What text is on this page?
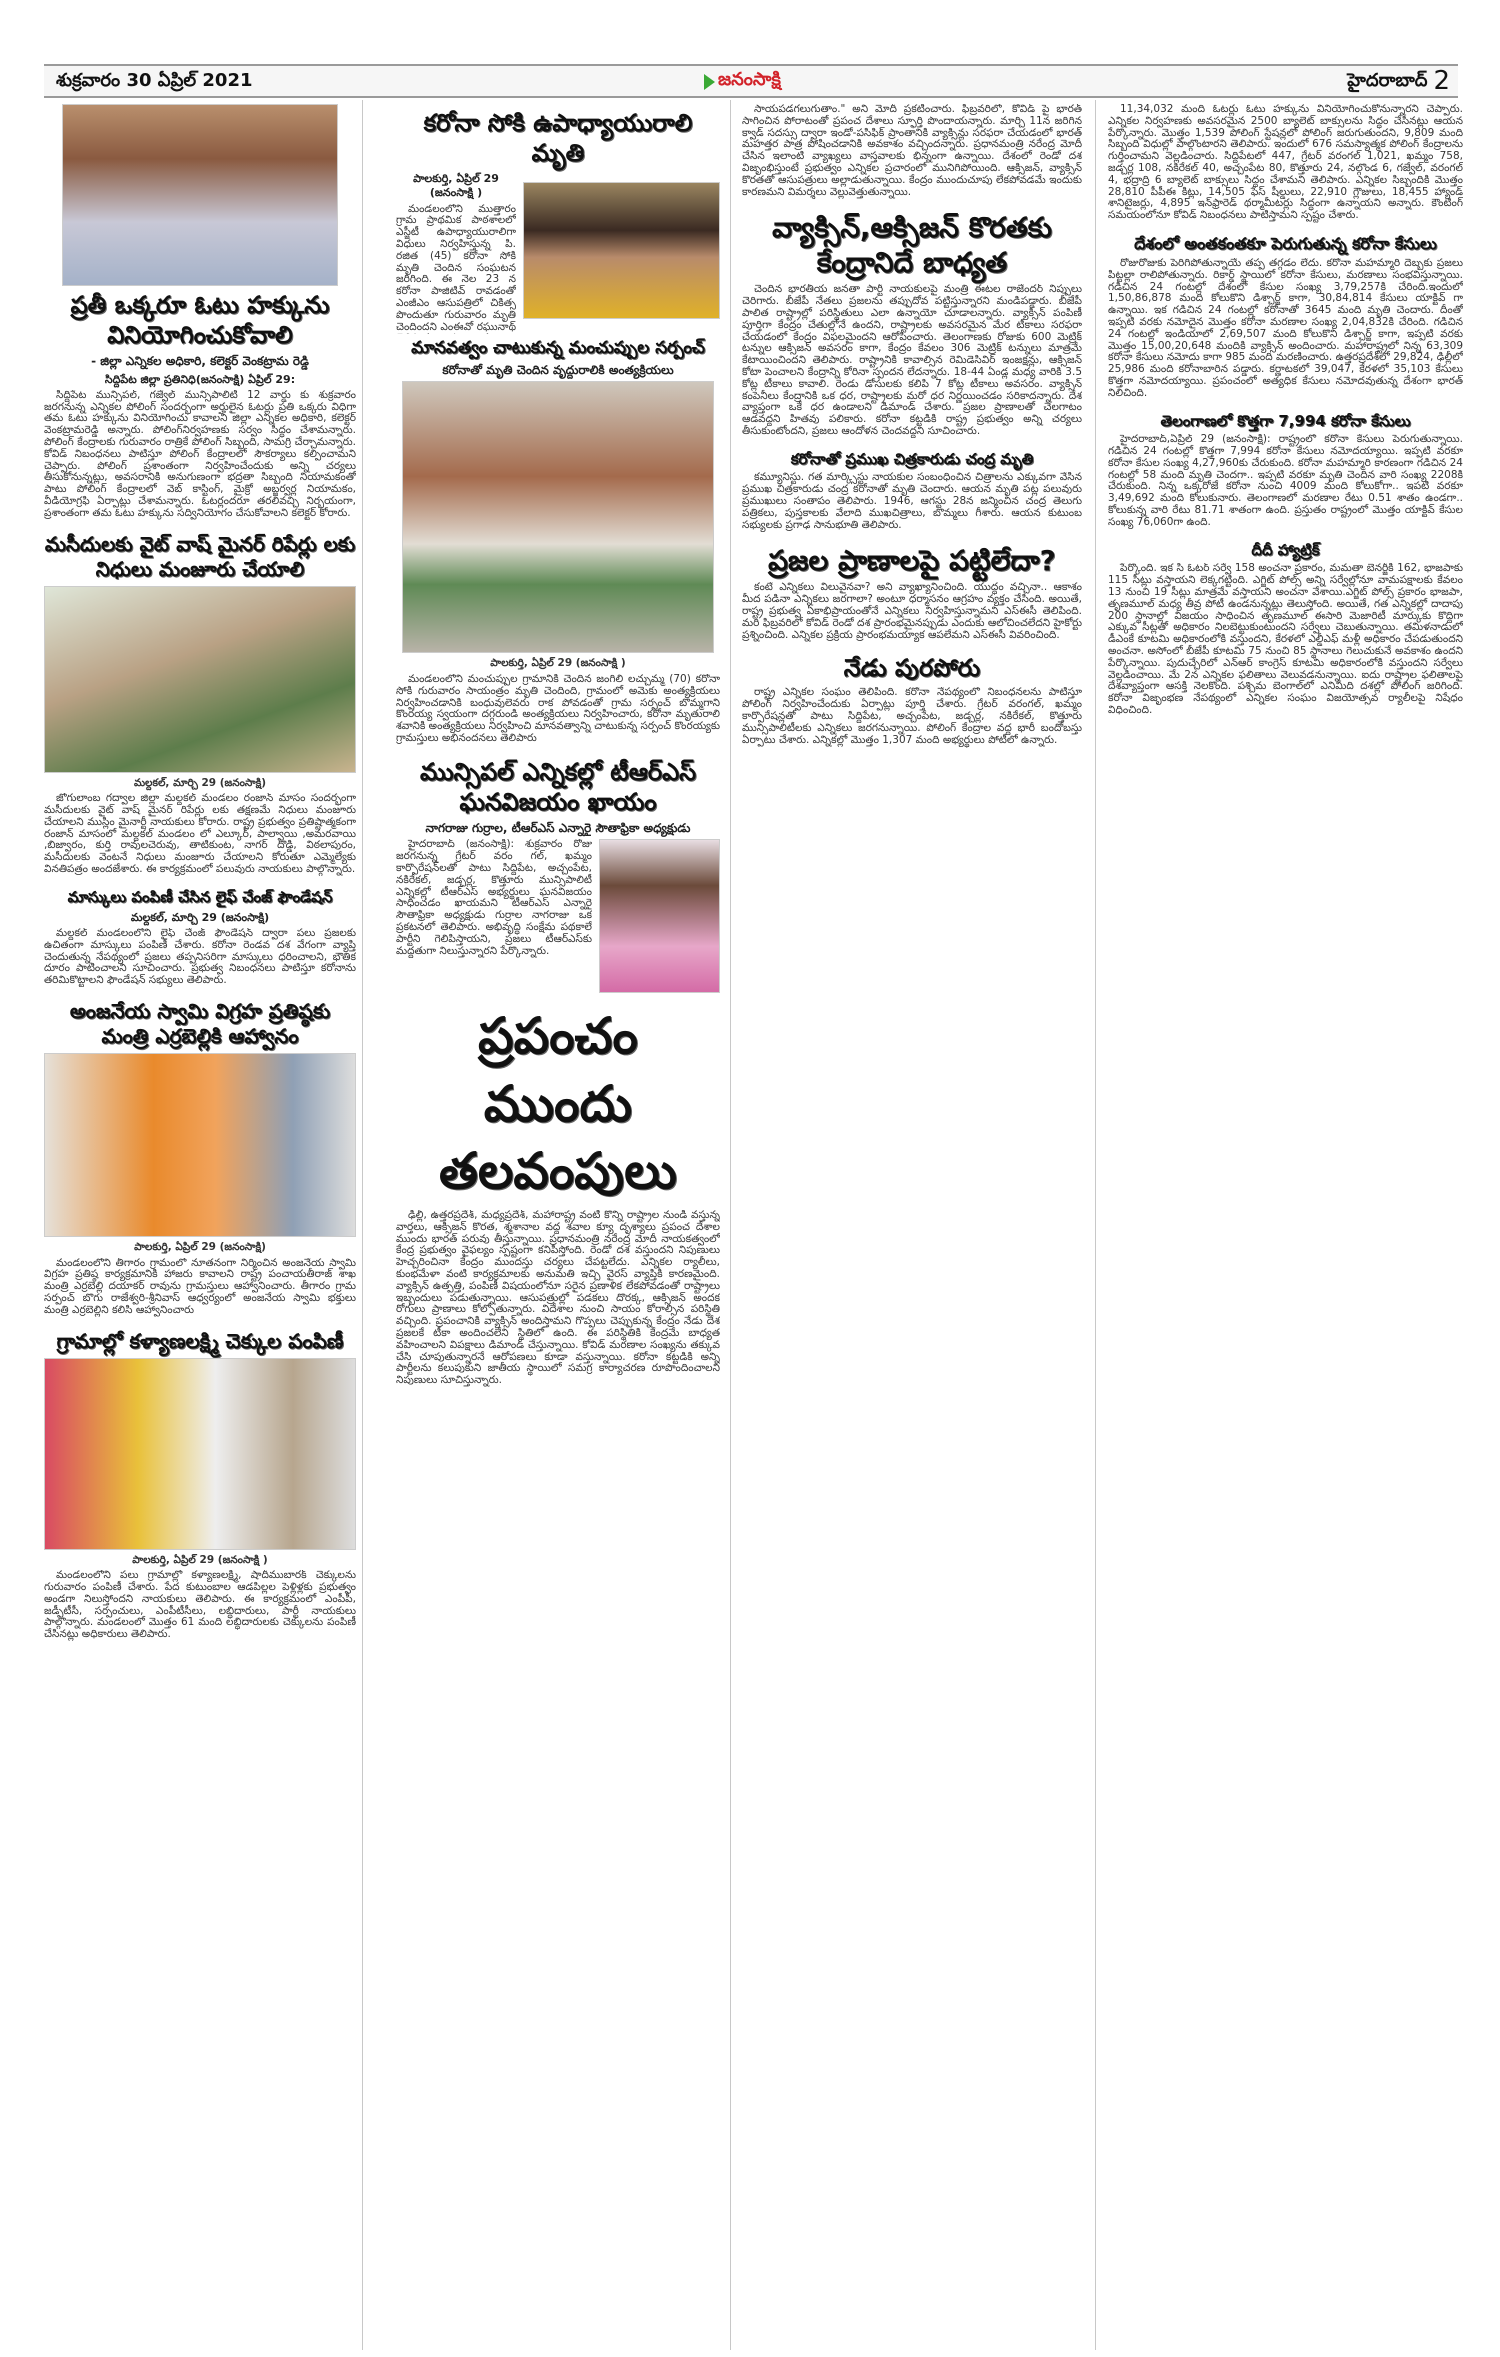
శుక్రవారం 30 ఏప్రిల్ 2021	జనంసాక్షి	హైదరాబాద్ 2
ప్రతీ ఒక్కరూ ఓటు హక్కును వినియోగించుకోవాలి
- జిల్లా ఎన్నికల అధికారి, కలెక్టర్ వెంకట్రామ రెడ్డి
సిద్దిపేట జిల్లా ప్రతినిధి(జనంసాక్షి) ఏప్రిల్ 29:

సిద్దిపేట మున్సిపల్, గజ్వేల్ మున్సిపాలిటీ 12 వార్డు కు శుక్రవారం జరగనున్న ఎన్నికల పోలింగ్ సందర్భంగా అర్హులైన ఓటర్లు ప్రతి ఒక్కరు విధిగా తమ ఓటు హక్కును వినియోగించు కావాలని జిల్లా ఎన్నికల అధికారి, కలెక్టర్ వెంకట్రామరెడ్డి అన్నారు. పోలింగ్‌నిర్వహణకు సర్వం సిద్ధం చేశామన్నారు. పోలింగ్ కేంద్రాలకు గురువారం రాత్రికే పోలింగ్ సిబ్బంది, సామగ్రి చేర్చామన్నారు. కోవిడ్ నిబంధనలు పాటిస్తూ పోలింగ్ కేంద్రాలలో సౌకర్యాలు కల్పించామని చెప్పారు. పోలింగ్ ప్రశాంతంగా నిర్వహించేందుకు అన్ని చర్యలు తీసుకోనున్నట్లు, అవసరానికి అనుగుణంగా భద్రతా సిబ్బంది నియామకంతో పాటు పోలింగ్ కేంద్రాలలో వెబ్ కాస్టింగ్, మైక్రో అబ్జర్వర్ల నియామకం, వీడియోగ్రఫి ఏర్పాట్లు చేశామన్నారు. ఓటర్లందరూ తరలివచ్చి నిర్భయంగా, ప్రశాంతంగా తమ ఓటు హక్కును సద్వినియోగం చేసుకోవాలని కలెక్టర్ కోరారు.

మసీదులకు వైట్ వాష్ మైనర్ రిపేర్లు లకు నిధులు మంజూరు చేయాలి
మల్దకల్, మార్చి 29 (జనంసాక్షి)

జోగులాంబ గద్వాల జిల్లా మల్దకల్ మండలం రంజాన్ మాసం సందర్భంగా మసీదులకు వైట్ వాష్ మైనర్ రిపేర్లు లకు తక్షణమే నిధులు మంజూరు చేయాలని ముస్లిం మైనార్టీ నాయకులు కోరారు. రాష్ట్ర ప్రభుత్వం ప్రతిష్టాత్మకంగా రంజాన్ మాసంలో మల్దకల్ మండలం లో ఎల్కూర్, పాల్వాయి ,అమరవాయి ,బిజ్వారం, కుర్తి రావులచెరువు, తాటికుంట, నాగర్ దొడ్డి, విఠలాపురం, మసీదులకు వెంటనే నిధులు మంజూరు చేయాలని కోరుతూ ఎమ్మెల్యేకు వినతిపత్రం అందజేశారు. ఈ కార్యక్రమంలో పలువురు నాయకులు పాల్గొన్నారు.

మాస్కులు పంపిణీ చేసిన లైఫ్ చేంజ్ ఫౌండేషన్
మల్దకల్, మార్చి 29 (జనంసాక్షి)

మల్దకల్ మండలంలోని లైఫ్ చేంజ్ ఫౌండేషన్ ద్వారా పలు ప్రజలకు ఉచితంగా మాస్కులు పంపిణీ చేశారు. కరోనా రెండవ దశ వేగంగా వ్యాప్తి చెందుతున్న నేపథ్యంలో ప్రజలు తప్పనిసరిగా మాస్కులు ధరించాలని, భౌతిక దూరం పాటించాలని సూచించారు. ప్రభుత్వ నిబంధనలు పాటిస్తూ కరోనాను తరిమికొట్టాలని ఫౌండేషన్ సభ్యులు తెలిపారు.

అంజనేయ స్వామి విగ్రహ ప్రతిష్ఠకు మంత్రి ఎర్రబెల్లికి ఆహ్వానం
పాలకుర్తి, ఏప్రిల్ 29 (జనంసాక్షి)

మండలంలోని తీగారం గ్రామంలో నూతనంగా నిర్మించిన అంజనేయ స్వామి విగ్రహ ప్రతిష్ఠ కార్యక్రమానికి హాజరు కావాలని రాష్ట్ర పంచాయతీరాజ్ శాఖ మంత్రి ఎర్రబెల్లి దయాకర్ రావును గ్రామస్తులు ఆహ్వానించారు. తీగారం గ్రామ సర్పంచ్ బొగు రాజేశ్వరి-శ్రీనివాస్ ఆధ్వర్యంలో అంజనేయ స్వామి భక్తులు మంత్రి ఎర్రబెల్లిని కలిసి ఆహ్వానించారు

గ్రామాల్లో కళ్యాణలక్ష్మి చెక్కుల పంపిణీ
పాలకుర్తి, ఏప్రిల్ 29 (జనంసాక్షి )

మండలంలోని పలు గ్రామాల్లో కళ్యాణలక్ష్మి, షాదీముబారక్ చెక్కులను గురువారం పంపిణీ చేశారు. పేద కుటుంబాల ఆడపిల్లల పెళ్లిళ్లకు ప్రభుత్వం అండగా నిలుస్తోందని నాయకులు తెలిపారు. ఈ కార్యక్రమంలో ఎంపీపీ, జడ్పీటీసీ, సర్పంచులు, ఎంపీటీసీలు, లబ్ధిదారులు, పార్టీ నాయకులు పాల్గొన్నారు. మండలంలో మొత్తం 61 మంది లబ్ధిదారులకు చెక్కులను పంపిణీ చేసినట్లు అధికారులు తెలిపారు.

కరోనా సోకి ఉపాధ్యాయురాలి మృతి
పాలకుర్తి, ఏప్రిల్ 29 (జనంసాక్షి )

మండలంలోని ముత్తారం గ్రామ ప్రాథమిక పాఠశాలలో ఎస్జీటీ ఉపాధ్యాయురాలిగా విధులు నిర్వహిస్తున్న పి. రజిత (45) కరోనా సోకి మృతి చెందిన సంఘటన జరిగింది. ఈ నెల 23 న కరోనా పాజిటివ్ రావడంతో ఎంజీఎం ఆసుపత్రిలో చికిత్స పొందుతూ గురువారం మృతి చెందిందని ఎంఈవో రఘునాథ్

మానవత్వం చాటుకున్న మంచుప్పుల సర్పంచ్
కరోనాతో మృతి చెందిన వృద్దురాలికి అంత్యక్రియలు
పాలకుర్తి, ఏప్రిల్ 29 (జనంసాక్షి )

మండలంలోని మంచుప్పుల గ్రామానికి చెందిన జంగిలి లచ్చుమ్మ (70) కరోనా సోకి గురువారం సాయంత్రం మృతి చెందింది, గ్రామంలో అమెకు అంత్యక్రియలు నిర్వహించడానికి బంధువులెవరు రాక పోవడంతో గ్రామ సర్పంచ్ బొమ్మగాని కొంరయ్య స్వయంగా దగ్గరుండి అంత్యక్రియలు నిర్వహించారు, కరోనా మృతురాలి శవానికి అంత్యక్రియలు నిర్వహించి మానవత్వాన్ని చాటుకున్న సర్పంచ్ కొంరయ్యకు గ్రామస్తులు అభినందనలు తెలిపారు

మున్సిపల్ ఎన్నికల్లో టీఆర్ఎస్ ఘనవిజయం ఖాయం
నాగరాజు గుర్రాల, టీఆర్ఎస్ ఎన్నారై సౌతాఫ్రికా అధ్యక్షుడు

హైదరాబాద్ (జనంసాక్షి): శుక్రవారం రోజు జరగనున్న గ్రేటర్ వరం గల్, ఖమ్మం కార్పొరేషన్‌లతో పాటు సిద్దిపేట, అచ్చంపేట, నకిరేకల్, జడ్చర్ల, కొత్తూరు మున్సిపాలిటీ ఎన్నికల్లో టీఆర్ఎస్ అభ్యర్థులు ఘనవిజయం సాధించడం ఖాయమని టీఆర్ఎస్ ఎన్నారై సౌతాఫ్రికా అధ్యక్షుడు గుర్రాల నాగరాజు ఒక ప్రకటనలో తెలిపారు. అభివృద్ధి సంక్షేమ పథకాలే పార్టీని గెలిపిస్తాయని, ప్రజలు టీఆర్ఎస్‌కు మద్దతుగా నిలుస్తున్నారని పేర్కొన్నారు.

ప్రపంచం ముందు తలవంపులు

ఢిల్లీ, ఉత్తరప్రదేశ్, మధ్యప్రదేశ్, మహారాష్ట్ర వంటి కొన్ని రాష్ట్రాల నుండి వస్తున్న వార్తలు, ఆక్సిజన్ కొరత, శ్మశానాల వద్ద శవాల క్యూ దృశ్యాలు ప్రపంచ దేశాల ముందు భారత్ పరువు తీస్తున్నాయి. ప్రధానమంత్రి నరేంద్ర మోదీ నాయకత్వంలో కేంద్ర ప్రభుత్వం వైఫల్యం స్పష్టంగా కనిపిస్తోంది. రెండో దశ వస్తుందని నిపుణులు హెచ్చరించినా కేంద్రం ముందస్తు చర్యలు చేపట్టలేదు. ఎన్నికల ర్యాలీలు, కుంభమేళా వంటి కార్యక్రమాలకు అనుమతి ఇచ్చి వైరస్ వ్యాప్తికి కారణమైంది. వ్యాక్సిన్ ఉత్పత్తి, పంపిణీ విషయంలోనూ సరైన ప్రణాళిక లేకపోవడంతో రాష్ట్రాలు ఇబ్బందులు పడుతున్నాయి. ఆసుపత్రుల్లో పడకలు దొరక్క, ఆక్సిజన్ అందక రోగులు ప్రాణాలు కోల్పోతున్నారు. విదేశాల నుంచి సాయం కోరాల్సిన పరిస్థితి వచ్చింది. ప్రపంచానికి వ్యాక్సిన్ అందిస్తామని గొప్పలు చెప్పుకున్న కేంద్రం నేడు దేశ ప్రజలకే టీకా అందించలేని స్థితిలో ఉంది. ఈ పరిస్థితికి కేంద్రమే బాధ్యత వహించాలని విపక్షాలు డిమాండ్ చేస్తున్నాయి. కోవిడ్ మరణాల సంఖ్యను తక్కువ చేసి చూపుతున్నారనే ఆరోపణలు కూడా వస్తున్నాయి. కరోనా కట్టడికి అన్ని పార్టీలను కలుపుకుని జాతీయ స్థాయిలో సమగ్ర కార్యాచరణ రూపొందించాలని నిపుణులు సూచిస్తున్నారు.

సాయపడగలుగుతాం." అని మోదీ ప్రకటించారు. ఫిబ్రవరిలో, కోవిడ్ పై భారత్ సాగించిన పోరాటంతో ప్రపంచ దేశాలు స్ఫూర్తి పొందాయన్నారు. మార్చి 11న జరిగిన క్వాడ్ సదస్సు ద్వారా ఇండో-పసిఫిక్ ప్రాంతానికి వ్యాక్సిన్లు సరఫరా చేయడంలో భారత్ మహత్తర పాత్ర పోషించడానికి అవకాశం వచ్చిందన్నారు. ప్రధానమంత్రి నరేంద్ర మోదీ చేసిన ఇలాంటి వ్యాఖ్యలు వాస్తవాలకు భిన్నంగా ఉన్నాయి. దేశంలో రెండో దశ విజృంభిస్తుంటే ప్రభుత్వం ఎన్నికల ప్రచారంలో మునిగిపోయింది. ఆక్సిజన్, వ్యాక్సిన్ కొరతతో ఆసుపత్రులు అల్లాడుతున్నాయి. కేంద్రం ముందుచూపు లేకపోవడమే ఇందుకు కారణమని విమర్శలు వెల్లువెత్తుతున్నాయి.

వ్యాక్సిన్,ఆక్సిజన్ కొరతకు కేంద్రానిదే బాధ్యత

చెందిన భారతీయ జనతా పార్టీ నాయకులపై మంత్రి ఈటల రాజేందర్ నిప్పులు చెరిగారు. బీజేపీ నేతలు ప్రజలను తప్పుదోవ పట్టిస్తున్నారని మండిపడ్డారు. బీజేపీ పాలిత రాష్ట్రాల్లో పరిస్థితులు ఎలా ఉన్నాయో చూడాలన్నారు. వ్యాక్సిన్ పంపిణీ పూర్తిగా కేంద్రం చేతుల్లోనే ఉందని, రాష్ట్రాలకు అవసరమైన మేర టీకాలు సరఫరా చేయడంలో కేంద్రం విఫలమైందని ఆరోపించారు. తెలంగాణకు రోజుకు 600 మెట్రిక్ టన్నుల ఆక్సిజన్ అవసరం కాగా, కేంద్రం కేవలం 306 మెట్రిక్ టన్నులు మాత్రమే కేటాయించిందని తెలిపారు. రాష్ట్రానికి కావాల్సిన రెమిడెసివిర్ ఇంజక్షన్లు, ఆక్సిజన్ కోటా పెంచాలని కేంద్రాన్ని కోరినా స్పందన లేదన్నారు. 18-44 ఏండ్ల మధ్య వారికి 3.5 కోట్ల టీకాలు కావాలి. రెండు డోసులకు కలిపి 7 కోట్ల టీకాలు అవసరం. వ్యాక్సిన్ కంపెనీలు కేంద్రానికి ఒక ధర, రాష్ట్రాలకు మరో ధర నిర్ణయించడం సరికాదన్నారు. దేశ వ్యాప్తంగా ఒకే ధర ఉండాలని డిమాండ్ చేశారు. ప్రజల ప్రాణాలతో చెలగాటం ఆడవద్దని హితవు పలికారు. కరోనా కట్టడికి రాష్ట్ర ప్రభుత్వం అన్ని చర్యలు తీసుకుంటోందని, ప్రజలు ఆందోళన చెందవద్దని సూచించారు.

కరోనాతో ప్రముఖ చిత్రకారుడు చంద్ర మృతి

కమ్యూనిస్టు. గత మార్క్సిస్టు నాయకుల సంబంధించిన చిత్రాలను ఎక్కువగా వేసిన ప్రముఖ చిత్రకారుడు చంద్ర కరోనాతో మృతి చెందారు. ఆయన మృతి పట్ల పలువురు ప్రముఖులు సంతాపం తెలిపారు. 1946, ఆగస్టు 28న జన్మించిన చంద్ర తెలుగు పత్రికలు, పుస్తకాలకు వేలాది ముఖచిత్రాలు, బొమ్మలు గీశారు. ఆయన కుటుంబ సభ్యులకు ప్రగాఢ సానుభూతి తెలిపారు.

ప్రజల ప్రాణాలపై పట్టిలేదా?

కంటే ఎన్నికలు విలువైనవా? అని వ్యాఖ్యానించింది. యుద్ధం వచ్చినా.. ఆకాశం మీద పడినా ఎన్నికలు జరగాలా? అంటూ ధర్మాసనం ఆగ్రహం వ్యక్తం చేసింది. అయితే, రాష్ట్ర ప్రభుత్వ ఏకాభిప్రాయంతోనే ఎన్నికలు నిర్వహిస్తున్నామని ఎస్ఈసీ తెలిపింది. మరి ఫిబ్రవరిలో కోవిడ్ రెండో దశ ప్రారంభమైనప్పుడు ఎందుకు ఆలోచించలేదని హైకోర్టు ప్రశ్నించింది. ఎన్నికల ప్రక్రియ ప్రారంభమయ్యాక ఆపలేమని ఎస్ఈసీ వివరించింది.

నేడు పురపోరు

రాష్ట్ర ఎన్నికల సంఘం తెలిపింది. కరోనా నేపథ్యంలో నిబంధనలను పాటిస్తూ పోలింగ్ నిర్వహించేందుకు ఏర్పాట్లు పూర్తి చేశారు. గ్రేటర్ వరంగల్, ఖమ్మం కార్పొరేషన్లతో పాటు సిద్దిపేట, అచ్చంపేట, జడ్చర్ల, నకిరేకల్, కొత్తూరు మున్సిపాలిటీలకు ఎన్నికలు జరగనున్నాయి. పోలింగ్ కేంద్రాల వద్ద భారీ బందోబస్తు ఏర్పాటు చేశారు. ఎన్నికల్లో మొత్తం 1,307 మంది అభ్యర్థులు పోటీలో ఉన్నారు.

11,34,032 మంది ఓటర్లు ఓటు హక్కును వినియోగించుకోనున్నారని చెప్పారు. ఎన్నికల నిర్వహణకు అవసరమైన 2500 బ్యాలెట్ బాక్సులను సిద్ధం చేసినట్లు ఆయన పేర్కొన్నారు. మొత్తం 1,539 పోలింగ్ స్టేషన్లలో పోలింగ్ జరుగుతుందని, 9,809 మంది సిబ్బంది విధుల్లో పాల్గొంటారని తెలిపారు. ఇందులో 676 సమస్యాత్మక పోలింగ్ కేంద్రాలను గుర్తించామని వెల్లడించారు. సిద్దిపేటలో 447, గ్రేటర్ వరంగల్ 1,021, ఖమ్మం 758, జడ్చర్ల 108, నకిరేకల్ 40, అచ్చంపేట 80, కొత్తూరు 24, నల్గొండ 6, గజ్వేల్, వరంగల్ 4, భద్రాద్రి 6 బ్యాలెట్ బాక్సులు సిద్ధం చేశామని తెలిపారు. ఎన్నికల సిబ్బందికి మొత్తం 28,810 పీపీఈ కిట్లు, 14,505 ఫేస్ షీల్డులు, 22,910 గ్లౌజులు, 18,455 హ్యాండ్ శానిటైజర్లు, 4,895 ఇన్‌ఫ్రారెడ్ థర్మామీటర్లు సిద్ధంగా ఉన్నాయని అన్నారు. కౌంటింగ్ సమయంలోనూ కోవిడ్ నిబంధనలు పాటిస్తామని స్పష్టం చేశారు.

దేశంలో అంతకంతకూ పెరుగుతున్న కరోనా కేసులు

రోజురోజుకు పెరిగిపోతున్నాయే తప్ప తగ్గడం లేదు. కరోనా మహమ్మారి దెబ్బకు ప్రజలు పిట్టల్లా రాలిపోతున్నారు. రికార్డ్ స్థాయిలో కరోనా కేసులు, మరణాలు సంభవిస్తున్నాయి. గడిచిన 24 గంటల్లో దేశంలో కేసుల సంఖ్య 3,79,257కి చేరింది.ఇందులో 1,50,86,878 మంది కోలుకొని డిశ్చార్జ్ కాగా, 30,84,814 కేసులు యాక్టివ్ గా ఉన్నాయి. ఇక గడిచిన 24 గంటల్లో కరోనాతో 3645 మంది మృతి చెందారు. దీంతో ఇప్పటి వరకు నమోదైన మొత్తం కరోనా మరణాల సంఖ్య 2,04,832కి చేరింది. గడిచిన 24 గంటల్లో ఇండియాలో 2,69,507 మంది కోలుకొని డిశ్చార్జ్ కాగా, ఇప్పటి వరకు మొత్తం 15,00,20,648 మందికి వ్యాక్సిన్ అందించారు. మహారాష్ట్రలో నిన్న 63,309 కరోనా కేసులు నమోదు కాగా 985 మంది మరణించారు. ఉత్తరప్రదేశ్‌లో 29,824, ఢిల్లీలో 25,986 మంది కరోనాబారిన పడ్డారు. కర్ణాటకలో 39,047, కేరళలో 35,103 కేసులు కొత్తగా నమోదయ్యాయి. ప్రపంచంలో అత్యధిక కేసులు నమోదవుతున్న దేశంగా భారత్ నిలిచింది.

తెలంగాణలో కొత్తగా 7,994 కరోనా కేసులు

హైదరాబాద్,ఏప్రిల్ 29 (జనంసాక్షి): రాష్ట్రంలో కరోనా కేసులు పెరుగుతున్నాయి. గడిచిన 24 గంటల్లో కొత్తగా 7,994 కరోనా కేసులు నమోదయ్యాయి. ఇప్పటి వరకూ కరోనా కేసుల సంఖ్య 4,27,960కు చేరుకుంది. కరోనా మహమ్మారి కారణంగా గడిచిన 24 గంటల్లో 58 మంది మృతి చెందగా.. ఇప్పటి వరకూ మృతి చెందిన వారి సంఖ్య 2208కి చేరుకుంది. నిన్న ఒక్కరోజే కరోనా నుంచి 4009 మంది కోలుకోగా.. ఇపటి వరకూ 3,49,692 మంది కోలుకునారు. తెలంగాణలో మరణాల రేటు 0.51 శాతం ఉండగా.. కోలుకున్న వారి రేటు 81.71 శాతంగా ఉంది. ప్రస్తుతం రాష్ట్రంలో మొత్తం యాక్టివ్ కేసుల సంఖ్య 76,060గా ఉంది.

దీదీ హ్యాట్రిక్

పేర్కొంది. ఇక సీ ఓటర్ సర్వే 158 అంచనా ప్రకారం, మమతా బెనర్జీకి 162, భాజపాకు 115 సీట్లు వస్తాయని లెక్కగట్టింది. ఎగ్జిట్ పోల్స్ అన్ని సర్వేల్లోనూ వామపక్షాలకు కేవలం 13 నుంచి 19 సీట్లు మాత్రమే వస్తాయని అంచనా వేశాయి.ఎగ్జిట్ పోల్స్ ప్రకారం భాజపా, తృణమూల్ మధ్య తీవ్ర పోటీ ఉండనున్నట్లు తెలుస్తోంది. అయితే, గత ఎన్నికల్లో దాదాపు 200 స్థానాల్లో విజయం సాధించిన తృణమూల్ ఈసారి మెజారిటీ మార్కుకు కొద్దిగా ఎక్కువ సీట్లతో అధికారం నిలబెట్టుకుంటుందని సర్వేలు చెబుతున్నాయి. తమిళనాడులో డీఎంకే కూటమి అధికారంలోకి వస్తుందని, కేరళలో ఎల్డీఎఫ్ మళ్లీ అధికారం చేపడుతుందని అంచనా. అసోంలో బీజేపీ కూటమి 75 నుంచి 85 స్థానాలు గెలుచుకునే అవకాశం ఉందని పేర్కొన్నాయి. పుదుచ్చేరిలో ఎన్ఆర్ కాంగ్రెస్ కూటమి అధికారంలోకి వస్తుందని సర్వేలు వెల్లడించాయి. మే 2న ఎన్నికల ఫలితాలు వెలువడనున్నాయి. ఐదు రాష్ట్రాల ఫలితాలపై దేశవ్యాప్తంగా ఆసక్తి నెలకొంది. పశ్చిమ బెంగాల్‌లో ఎనిమిది దశల్లో పోలింగ్ జరిగింది. కరోనా విజృంభణ నేపథ్యంలో ఎన్నికల సంఘం విజయోత్సవ ర్యాలీలపై నిషేధం విధించింది.
